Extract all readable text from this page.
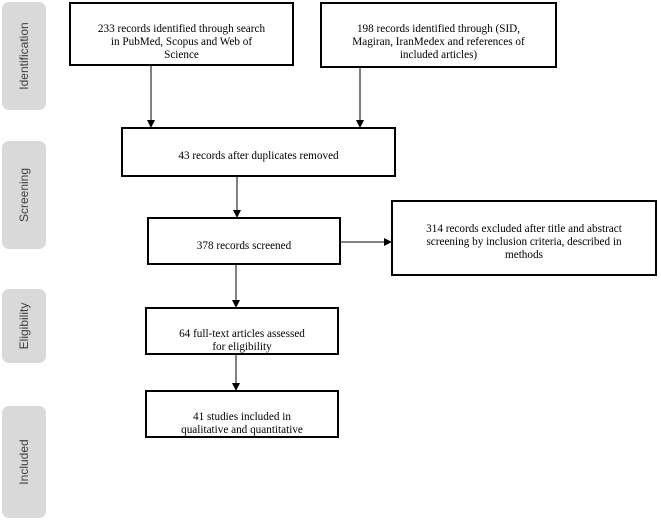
Identification
Screening
Eligibility
Included

233 records identified through search
in PubMed, Scopus and Web of
Science

198 records identified through (SID,
Magiran, IranMedex and references of
included articles)

43 records after duplicates removed

378 records screened

314 records excluded after title and abstract
screening by inclusion criteria, described in
methods

64 full-text articles assessed
for eligibility

41 studies included in
qualitative and quantitative
